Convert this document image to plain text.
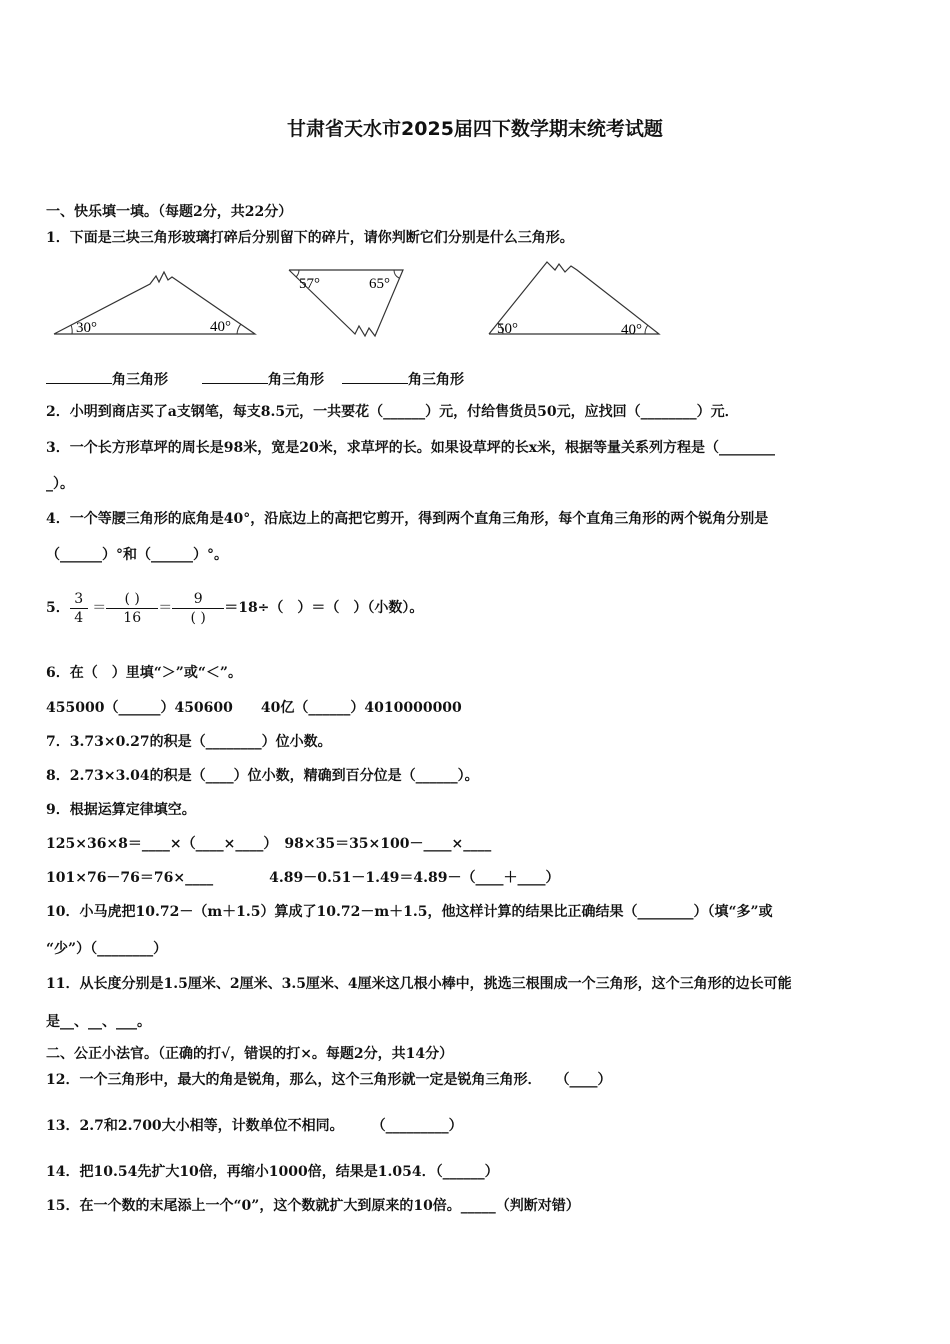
甘肃省天水市2025届四下数学期末统考试题
一、快乐填一填。（每题2分，共22分）
1．下面是三块三角形玻璃打碎后分别留下的碎片，请你判断它们分别是什么三角形。
30°	40°
57°	65°
50°	40°
角三角形	角三角形	角三角形
2．小明到商店买了a支钢笔，每支8.5元，一共要花（______）元，付给售货员50元，应找回（________）元．
3．一个长方形草坪的周长是98米，宽是20米，求草坪的长。如果设草坪的长x米，根据等量关系列方程是（________
_）。
4．一个等腰三角形的底角是40°，沿底边上的高把它剪开，得到两个直角三角形，每个直角三角形的两个锐角分别是
（______）°和（______）°。
5． $\frac{3}{4} = \frac{( )}{16} = \frac{9}{( )} =18\div$（　）＝（　）（小数）。
6．在（　）里填“＞”或“＜”。
455000（______）450600　　40亿（______）4010000000
7．3.73×0.27的积是（________）位小数。
8．2.73×3.04的积是（____）位小数，精确到百分位是（______）。
9．根据运算定律填空。
125×36×8＝____×（____×____）　98×35＝35×100－____×____
101×76－76＝76×____　　　　4.89－0.51－1.49＝4.89－（____＋____）
10．小马虎把10.72－（m＋1.5）算成了10.72－m＋1.5，他这样计算的结果比正确结果（________）（填“多”或
“少”）（________）
11．从长度分别是1.5厘米、2厘米、3.5厘米、4厘米这几根小棒中，挑选三根围成一个三角形，这个三角形的边长可能
是__、__、___。
二、公正小法官。（正确的打√，错误的打×。每题2分，共14分）
12．一个三角形中，最大的角是锐角，那么，这个三角形就一定是锐角三角形．　　（____）
13．2.7和2.700大小相等，计数单位不相同。　　　（_________）
14．把10.54先扩大10倍，再缩小1000倍，结果是1.054．（______）
15．在一个数的末尾添上一个“0”，这个数就扩大到原来的10倍。_____（判断对错）
